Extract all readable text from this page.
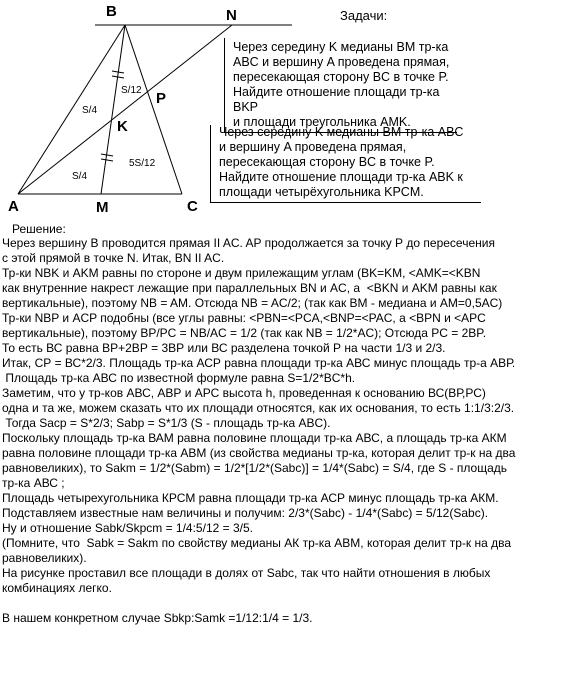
B	N
P
K
A	M	C
S/12
S/4
S/4
5S/12
Задачи:
Через середину K медианы BM тр-ка
ABC и вершину A проведена прямая,
пересекающая сторону BC в точке P.
Найдите отношение площади тр-ка BKP
и площади треугольника AMK.
Через середину K медианы BM тр-ка ABC
и вершину A проведена прямая,
пересекающая сторону BC в точке P.
Найдите отношение площади тр-ка ABK к
площади четырёхугольника KPCM.
Решение:
Через вершину В проводится прямая II AC. AP продолжается за точку Р до пересечения
с этой прямой в точке N. Итак, BN II AC.
Тр-ки NBK и AKM равны по стороне и двум прилежащим углам (BK=KM, <AMK=<KBN
как внутренние накрест лежащие при параллельных BN и AC, а  <BKN и AKM равны как
вертикальные), поэтому NB = AM. Отсюда NB = AC/2; (так как BM - медиана и AM=0,5AC)
Тр-ки NBP и ACP подобны (все углы равны: <PBN=<PCA,<BNP=<PAC, а <BPN и <APC
вертикальные), поэтому BP/PC = NB/AC = 1/2 (так как NB = 1/2*AC); Отсюда PC = 2BP.
То есть ВС равна ВР+2ВР = 3ВР или ВС разделена точкой Р на части 1/3 и 2/3.
Итак, СР = ВС*2/3. Площадь тр-ка АСР равна площади тр-ка АВС минус площадь тр-а АВР.
Площадь тр-ка АВС по известной формуле равна S=1/2*BC*h.
Заметим, что у тр-ков АВС, АВР и АРС высота h, проведенная к основанию ВС(ВР,РС)
одна и та же, можем сказать что их площади относятся, как их основания, то есть 1:1/3:2/3.
Тогда Sacp = S*2/3; Sabp = S*1/3 (S - площадь тр-ка ABC).
Поскольку площадь тр-ка ВАМ равна половине площади тр-ка АВС, а площадь тр-ка АКМ
равна половине площади тр-ка АВМ (из свойства медианы тр-ка, которая делит тр-к на два
равновеликих), то Sakm = 1/2*(Sabm) = 1/2*[1/2*(Sabc)] = 1/4*(Sabc) = S/4, где S - площадь
тр-ка АВС ;
Площадь четырехугольника КРСМ равна площади тр-ка АСР минус площадь тр-ка АКМ.
Подставляем известные нам величины и получим: 2/3*(Sabc) - 1/4*(Sabc) = 5/12(Sabc).
Ну и отношение Sabk/Skpcm = 1/4:5/12 = 3/5.
(Помните, что  Sabk = Sakm по свойству медианы АК тр-ка АВМ, которая делит тр-к на два
равновеликих).
На рисунке проставил все площади в долях от Sabc, так что найти отношения в любых
комбинациях легко.
В нашем конкретном случае Sbkp:Samk =1/12:1/4 = 1/3.
